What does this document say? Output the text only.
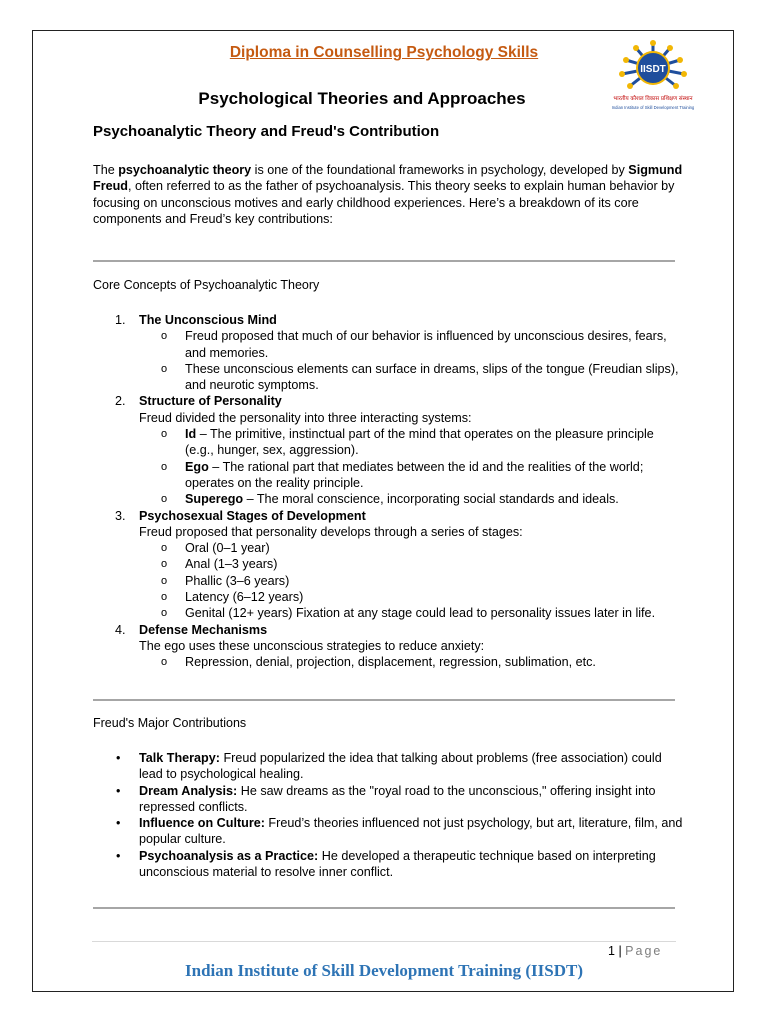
Diploma in Counselling Psychology Skills
IISDT
भारतीय कौशल विकास प्रशिक्षण संस्थान
Indian Institute of Skill Development Training
Psychological Theories and Approaches
Psychoanalytic Theory and Freud's Contribution
The psychoanalytic theory is one of the foundational frameworks in psychology, developed by Sigmund Freud, often referred to as the father of psychoanalysis. This theory seeks to explain human behavior by focusing on unconscious motives and early childhood experiences. Here’s a breakdown of its core components and Freud’s key contributions:
Core Concepts of Psychoanalytic Theory
1. The Unconscious Mind
o Freud proposed that much of our behavior is influenced by unconscious desires, fears, and memories.
o These unconscious elements can surface in dreams, slips of the tongue (Freudian slips), and neurotic symptoms.
2. Structure of Personality
Freud divided the personality into three interacting systems:
o Id – The primitive, instinctual part of the mind that operates on the pleasure principle (e.g., hunger, sex, aggression).
o Ego – The rational part that mediates between the id and the realities of the world; operates on the reality principle.
o Superego – The moral conscience, incorporating social standards and ideals.
3. Psychosexual Stages of Development
Freud proposed that personality develops through a series of stages:
o Oral (0–1 year)
o Anal (1–3 years)
o Phallic (3–6 years)
o Latency (6–12 years)
o Genital (12+ years) Fixation at any stage could lead to personality issues later in life.
4. Defense Mechanisms
The ego uses these unconscious strategies to reduce anxiety:
o Repression, denial, projection, displacement, regression, sublimation, etc.
Freud's Major Contributions
• Talk Therapy: Freud popularized the idea that talking about problems (free association) could lead to psychological healing.
• Dream Analysis: He saw dreams as the "royal road to the unconscious," offering insight into repressed conflicts.
• Influence on Culture: Freud’s theories influenced not just psychology, but art, literature, film, and popular culture.
• Psychoanalysis as a Practice: He developed a therapeutic technique based on interpreting unconscious material to resolve inner conflict.
1 | Page
Indian Institute of Skill Development Training (IISDT)
